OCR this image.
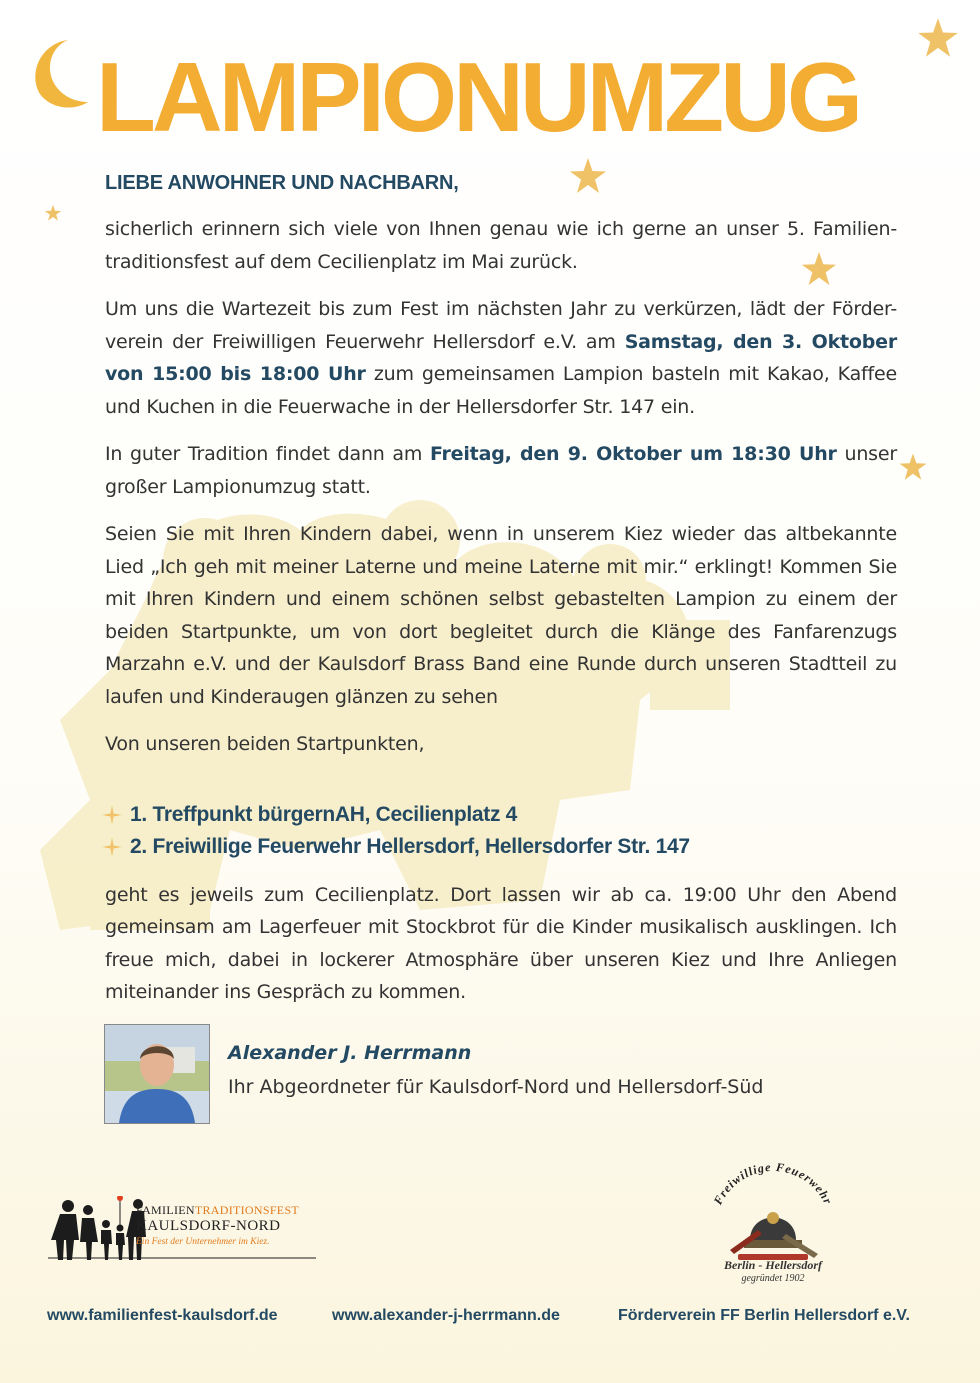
LAMPIONUMZUG

LIEBE ANWOHNER UND NACHBARN,

sicherlich erinnern sich viele von Ihnen genau wie ich gerne an unser 5. Familien- traditionsfest auf dem Cecilienplatz im Mai zurück.

Um uns die Wartezeit bis zum Fest im nächsten Jahr zu verkürzen, lädt der Förder- verein der Freiwilligen Feuerwehr Hellersdorf e.V. am Samstag, den 3. Oktober von 15:00 bis 18:00 Uhr zum gemeinsamen Lampion basteln mit Kakao, Kaffee und Kuchen in die Feuerwache in der Hellersdorfer Str. 147 ein.

In guter Tradition findet dann am Freitag, den 9. Oktober um 18:30 Uhr unser großer Lampionumzug statt.

Seien Sie mit Ihren Kindern dabei, wenn in unserem Kiez wieder das altbekannte Lied „Ich geh mit meiner Laterne und meine Laterne mit mir.“ erklingt! Kommen Sie mit Ihren Kindern und einem schönen selbst gebastelten Lampion zu einem der beiden Startpunkte, um von dort begleitet durch die Klänge des Fanfarenzugs Marzahn e.V. und der Kaulsdorf Brass Band eine Runde durch unseren Stadtteil zu laufen und Kinderaugen glänzen zu sehen

Von unseren beiden Startpunkten,

1. Treffpunkt bürgernAH, Cecilienplatz 4
2. Freiwillige Feuerwehr Hellersdorf, Hellersdorfer Str. 147

geht es jeweils zum Cecilienplatz. Dort lassen wir ab ca. 19:00 Uhr den Abend gemeinsam am Lagerfeuer mit Stockbrot für die Kinder musikalisch ausklingen. Ich freue mich, dabei in lockerer Atmosphäre über unseren Kiez und Ihre Anliegen miteinander ins Gespräch zu kommen.

Alexander J. Herrmann
Ihr Abgeordneter für Kaulsdorf-Nord und Hellersdorf-Süd
FAMILIENTRADITIONSFEST
KAULSDORF-NORD
Ein Fest der Unternehmer im Kiez.
Freiwillige Feuerwehr
Berlin - Hellersdorf
gegründet 1902
www.familienfest-kaulsdorf.de	www.alexander-j-herrmann.de	Förderverein FF Berlin Hellersdorf e.V.
